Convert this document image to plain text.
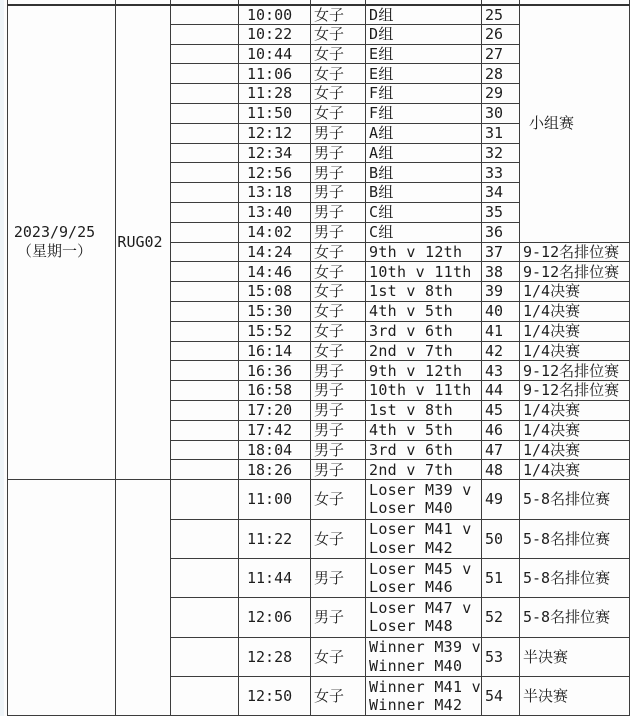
2023/9/25
（星期一）	RUG02		10:00	女子	D组	25	小组赛
			10:22	女子	D组	26	
			10:44	女子	E组	27	
			11:06	女子	E组	28	
			11:28	女子	F组	29	
			11:50	女子	F组	30	
			12:12	男子	A组	31	
			12:34	男子	A组	32	
			12:56	男子	B组	33	
			13:18	男子	B组	34	
			13:40	男子	C组	35	
			14:02	男子	C组	36	
			14:24	女子	9th v 12th	37	9-12名排位赛
			14:46	女子	10th v 11th	38	9-12名排位赛
			15:08	女子	1st v 8th	39	1/4决赛
			15:30	女子	4th v 5th	40	1/4决赛
			15:52	女子	3rd v 6th	41	1/4决赛
			16:14	女子	2nd v 7th	42	1/4决赛
			16:36	男子	9th v 12th	43	9-12名排位赛
			16:58	男子	10th v 11th	44	9-12名排位赛
			17:20	男子	1st v 8th	45	1/4决赛
			17:42	男子	4th v 5th	46	1/4决赛
			18:04	男子	3rd v 6th	47	1/4决赛
			18:26	男子	2nd v 7th	48	1/4决赛

			11:00	女子	Loser M39 v
Loser M40	49	5-8名排位赛
			11:22	女子	Loser M41 v
Loser M42	50	5-8名排位赛
			11:44	男子	Loser M45 v
Loser M46	51	5-8名排位赛
			12:06	男子	Loser M47 v
Loser M48	52	5-8名排位赛
			12:28	女子	Winner M39 v
Winner M40	53	半决赛
			12:50	女子	Winner M41 v
Winner M42	54	半决赛
